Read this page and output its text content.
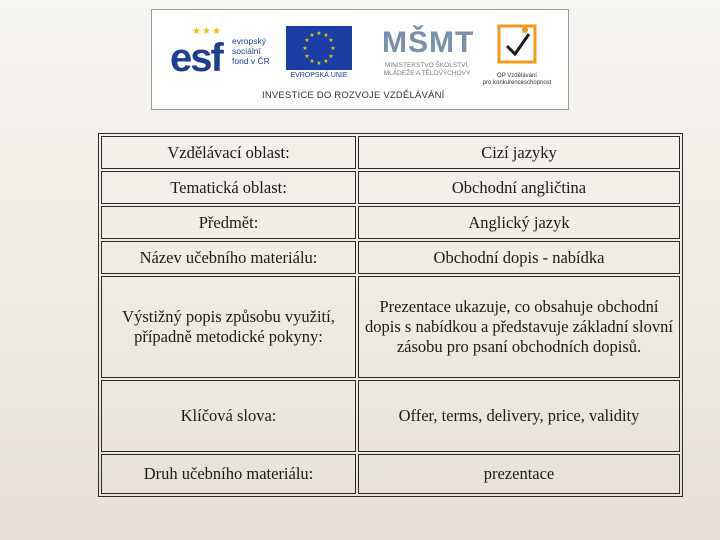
★★★
esf evropský
sociální
fond v ČR
★ ★
★
★
★
★
★
★
★
★
★
★
EVROPSKÁ UNIE
MŠMT
MINISTERSTVO ŠKOLSTVÍ,
MLÁDEŽE A TĚLOVÝCHOVY	OP Vzdělávání
pro konkurenceschopnost
INVESTICE DO ROZVOJE VZDĚLÁVÁNÍ
Vzdělávací oblast:	Cizí jazyky
Tematická oblast:	Obchodní angličtina
Předmět:	Anglický jazyk
Název učebního materiálu:	Obchodní dopis - nabídka
Výstižný popis způsobu využití, případně metodické pokyny:	Prezentace ukazuje, co obsahuje obchodní dopis s nabídkou a představuje základní slovní zásobu pro psaní obchodních dopisů.
Klíčová slova:	Offer, terms, delivery, price, validity
Druh učebního materiálu:	prezentace
